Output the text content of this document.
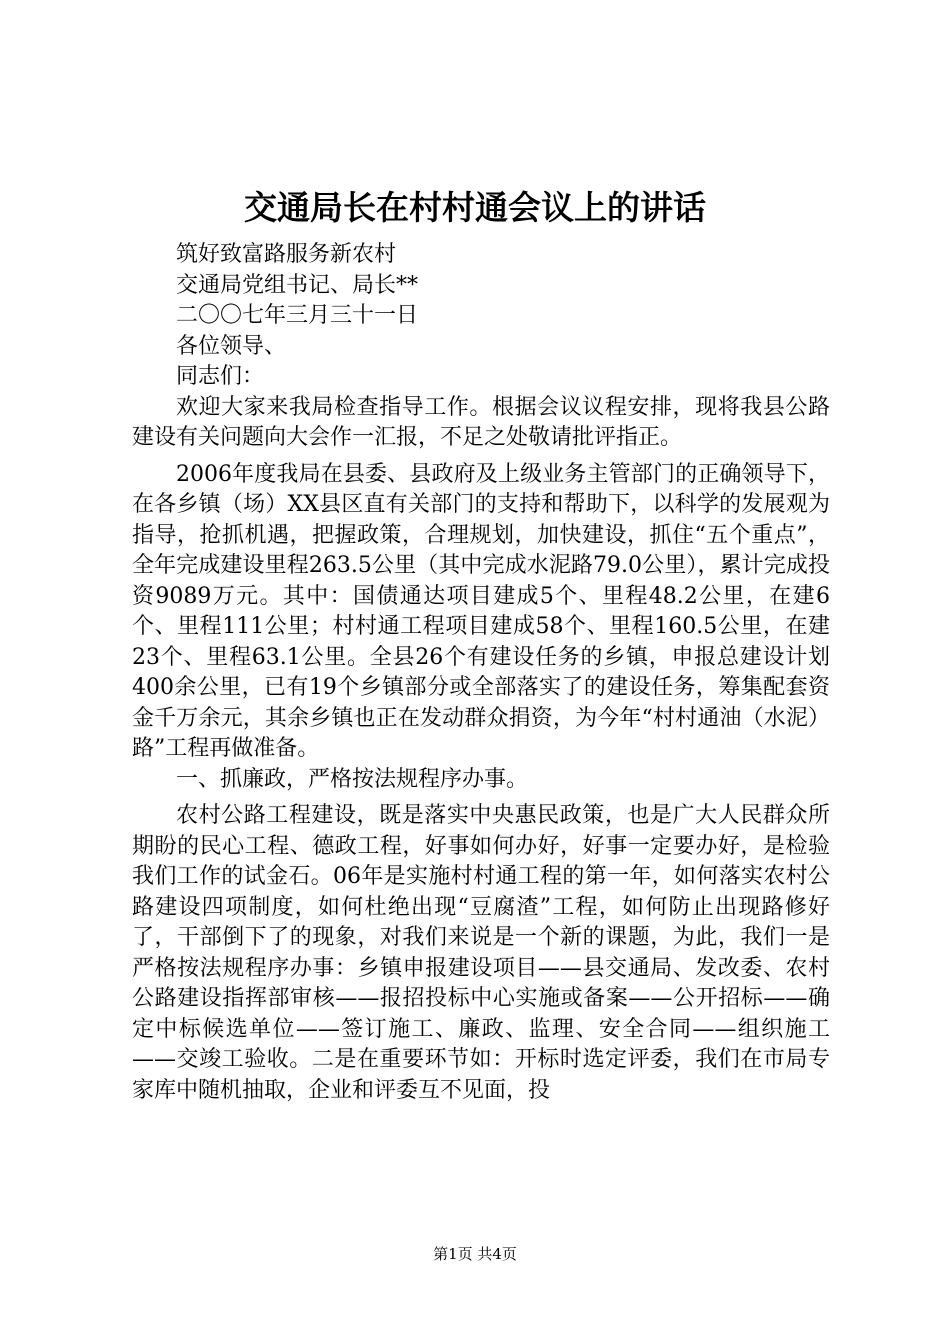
交通局长在村村通会议上的讲话

筑好致富路服务新农村

交通局党组书记、局长**

二〇〇七年三月三十一日

各位领导、

同志们：

欢迎大家来我局检查指导工作。根据会议议程安排，现将我县公路建设有关问题向大会作一汇报，不足之处敬请批评指正。

2006年度我局在县委、县政府及上级业务主管部门的正确领导下，在各乡镇（场）XX县区直有关部门的支持和帮助下，以科学的发展观为指导，抢抓机遇，把握政策，合理规划，加快建设，抓住“五个重点”，全年完成建设里程263.5公里（其中完成水泥路79.0公里），累计完成投资9089万元。其中：国债通达项目建成5个、里程48.2公里，在建6个、里程111公里；村村通工程项目建成58个、里程160.5公里，在建23个、里程63.1公里。全县26个有建设任务的乡镇，申报总建设计划400余公里，已有19个乡镇部分或全部落实了的建设任务，筹集配套资金千万余元，其余乡镇也正在发动群众捐资，为今年“村村通油（水泥）路”工程再做准备。

一、抓廉政，严格按法规程序办事。

农村公路工程建设，既是落实中央惠民政策，也是广大人民群众所期盼的民心工程、德政工程，好事如何办好，好事一定要办好，是检验我们工作的试金石。06年是实施村村通工程的第一年，如何落实农村公路建设四项制度，如何杜绝出现“豆腐渣”工程，如何防止出现路修好了，干部倒下了的现象，对我们来说是一个新的课题，为此，我们一是严格按法规程序办事：乡镇申报建设项目——县交通局、发改委、农村公路建设指挥部审核——报招投标中心实施或备案——公开招标——确定中标候选单位——签订施工、廉政、监理、安全合同——组织施工——交竣工验收。二是在重要环节如：开标时选定评委，我们在市局专家库中随机抽取，企业和评委互不见面，投

第1页 共4页
